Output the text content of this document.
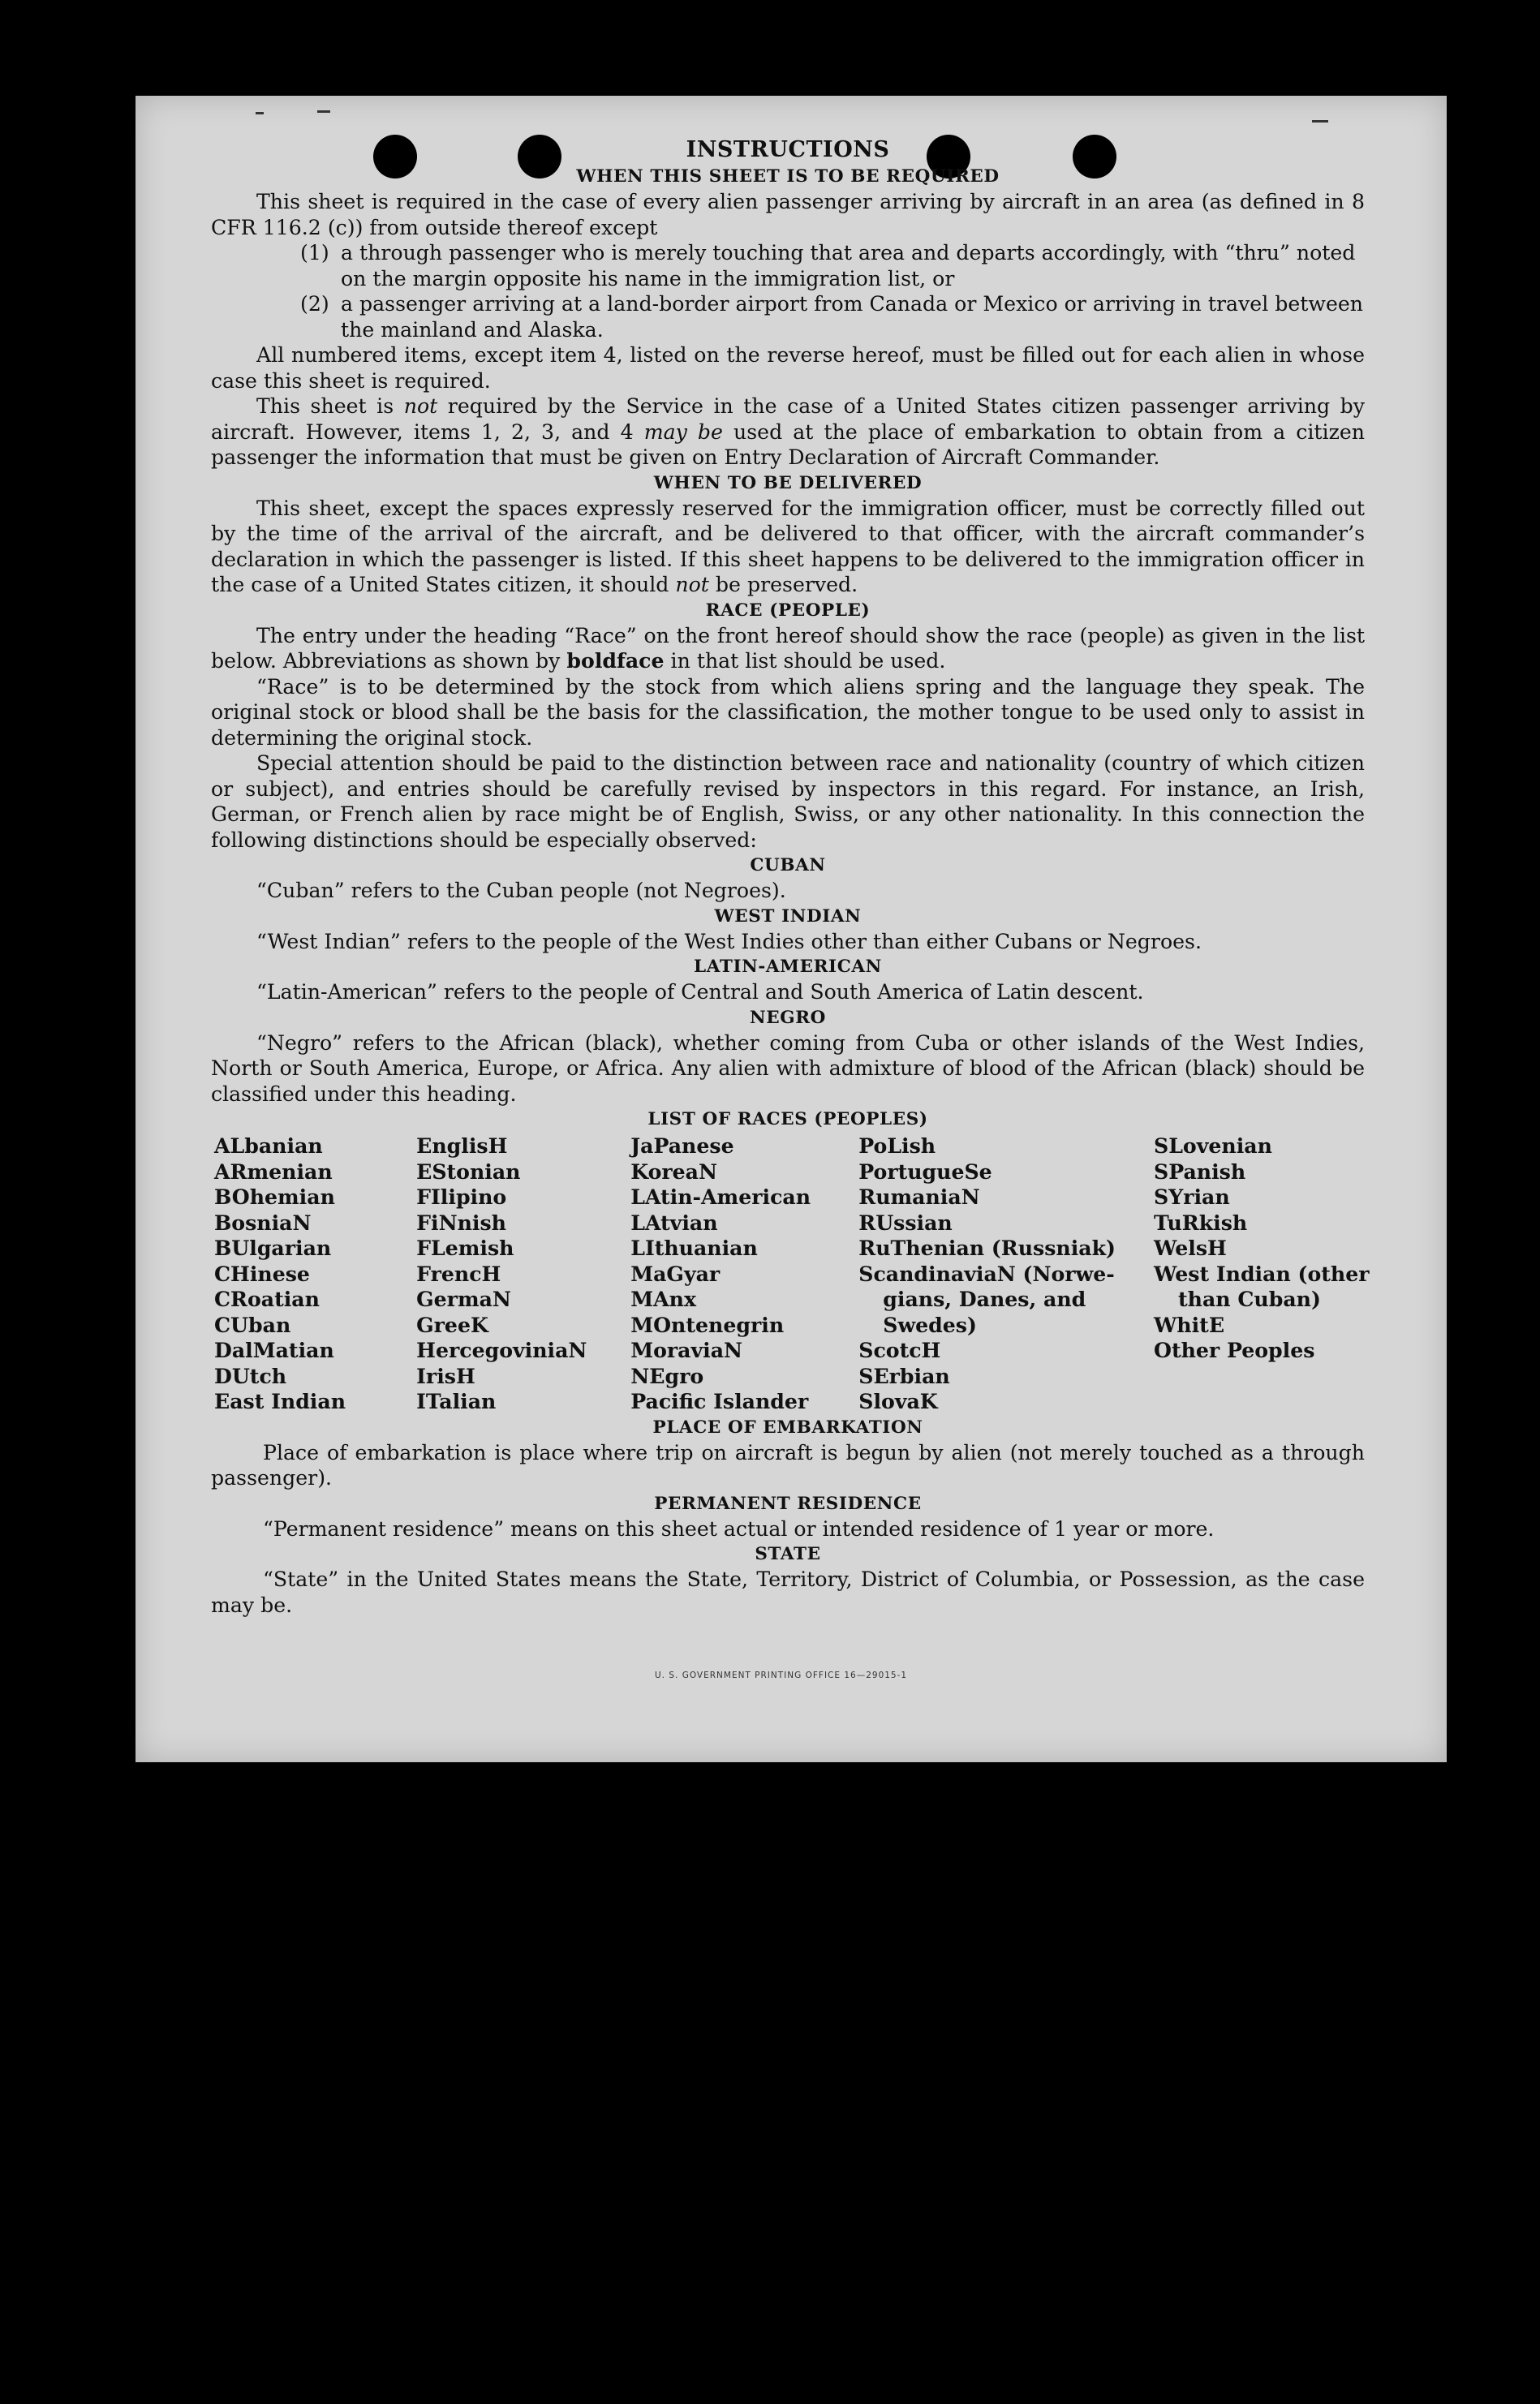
INSTRUCTIONS
WHEN THIS SHEET IS TO BE REQUIRED

This sheet is required in the case of every alien passenger arriving by aircraft in an area (as defined in 8 CFR 116.2 (c)) from outside thereof except

(1) a through passenger who is merely touching that area and departs accordingly, with “thru” noted on the margin opposite his name in the immigration list, or
(2) a passenger arriving at a land-border airport from Canada or Mexico or arriving in travel between the mainland and Alaska.

All numbered items, except item 4, listed on the reverse hereof, must be filled out for each alien in whose case this sheet is required.

This sheet is not required by the Service in the case of a United States citizen passenger arriving by aircraft. However, items 1, 2, 3, and 4 may be used at the place of embarkation to obtain from a citizen passenger the information that must be given on Entry Declaration of Aircraft Commander.

WHEN TO BE DELIVERED

This sheet, except the spaces expressly reserved for the immigration officer, must be correctly filled out by the time of the arrival of the aircraft, and be delivered to that officer, with the aircraft commander’s declaration in which the passenger is listed. If this sheet happens to be delivered to the immigration officer in the case of a United States citizen, it should not be preserved.

RACE (PEOPLE)

The entry under the heading “Race” on the front hereof should show the race (people) as given in the list below. Abbreviations as shown by boldface in that list should be used.

“Race” is to be determined by the stock from which aliens spring and the language they speak. The original stock or blood shall be the basis for the classification, the mother tongue to be used only to assist in determining the original stock.

Special attention should be paid to the distinction between race and nationality (country of which citizen or subject), and entries should be carefully revised by inspectors in this regard. For instance, an Irish, German, or French alien by race might be of English, Swiss, or any other nationality. In this connection the following distinctions should be especially observed:

CUBAN

“Cuban” refers to the Cuban people (not Negroes).

WEST INDIAN

“West Indian” refers to the people of the West Indies other than either Cubans or Negroes.

LATIN-AMERICAN

“Latin-American” refers to the people of Central and South America of Latin descent.

NEGRO

“Negro” refers to the African (black), whether coming from Cuba or other islands of the West Indies, North or South America, Europe, or Africa. Any alien with admixture of blood of the African (black) should be classified under this heading.

LIST OF RACES (PEOPLES)
ALbanian
ARmenian
BOhemian
BosniaN
BUlgarian
CHinese
CRoatian
CUban
DalMatian
DUtch
East Indian
EnglisH
EStonian
FIlipino
FiNnish
FLemish
FrencH
GermaN
GreeK
HercegoviniaN
IrisH
ITalian
JaPanese
KoreaN
LAtin-American
LAtvian
LIthuanian
MaGyar
MAnx
MOntenegrin
MoraviaN
NEgro
Pacific Islander
PoLish
PortugueSe
RumaniaN
RUssian
RuThenian (Russniak)
ScandinaviaN (Norwe-
gians, Danes, and
Swedes)
ScotcH
SErbian
SlovaK
SLovenian
SPanish
SYrian
TuRkish
WelsH
West Indian (other
than Cuban)
WhitE
Other Peoples
PLACE OF EMBARKATION

Place of embarkation is place where trip on aircraft is begun by alien (not merely touched as a through passenger).

PERMANENT RESIDENCE

“Permanent residence” means on this sheet actual or intended residence of 1 year or more.

STATE

“State” in the United States means the State, Territory, District of Columbia, or Possession, as the case may be.

U. S. GOVERNMENT PRINTING OFFICE 16—29015-1
